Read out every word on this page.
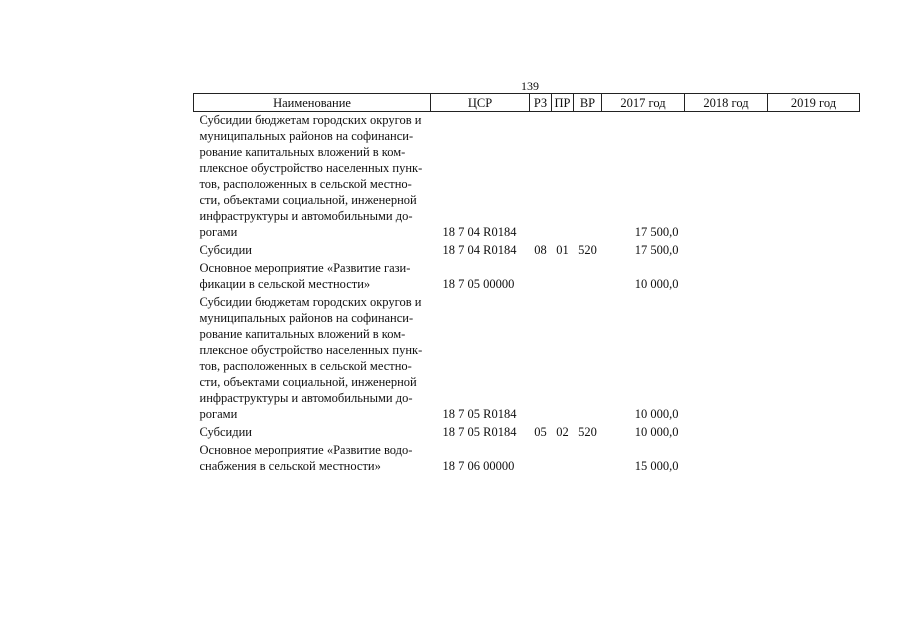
139
Наименование	ЦСР	РЗ	ПР	ВР	2017 год	2018 год	2019 год
Субсидии бюджетам городских округов и муниципальных районов на софинанси-рование капитальных вложений в ком-плексное обустройство населенных пунк-тов, расположенных в сельской местно-сти, объектами социальной, инженерной инфраструктуры и автомобильными до-рогами	18 7 04 R0184				17 500,0		
Субсидии	18 7 04 R0184	08	01	520	17 500,0		
Основное мероприятие «Развитие гази-фикации в сельской местности»	18 7 05 00000				10 000,0		
Субсидии бюджетам городских округов и муниципальных районов на софинанси-рование капитальных вложений в ком-плексное обустройство населенных пунк-тов, расположенных в сельской местно-сти, объектами социальной, инженерной инфраструктуры и автомобильными до-рогами	18 7 05 R0184				10 000,0		
Субсидии	18 7 05 R0184	05	02	520	10 000,0		
Основное мероприятие «Развитие водо-снабжения в сельской местности»	18 7 06 00000				15 000,0		
